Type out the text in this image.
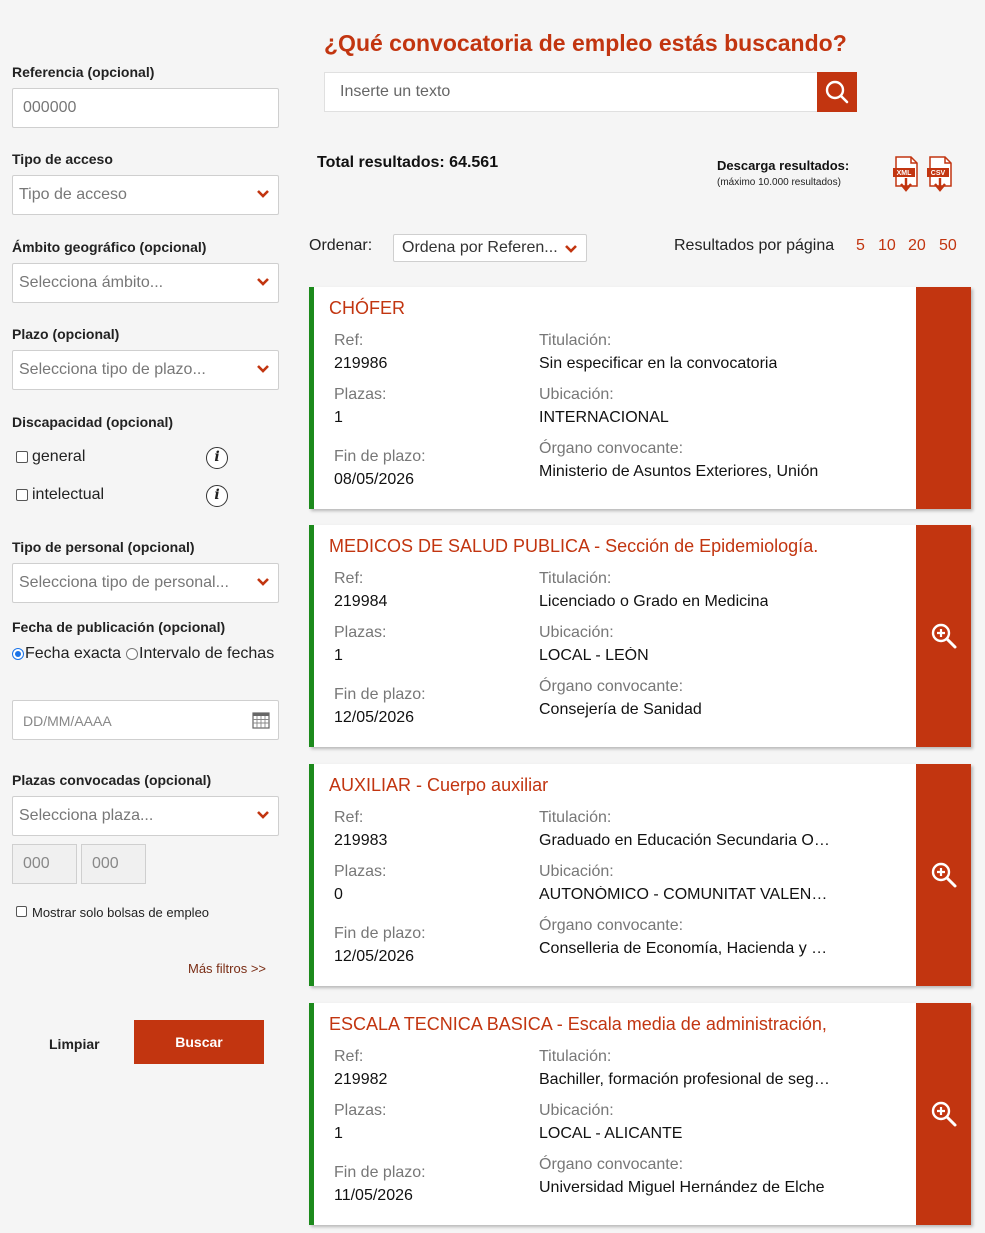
Referencia (opcional)
000000
Tipo de acceso
Tipo de acceso
Ámbito geográfico (opcional)
Selecciona ámbito...
Plazo (opcional)
Selecciona tipo de plazo...
Discapacidad (opcional)
general	i
intelectual	i
Tipo de personal (opcional)
Selecciona tipo de personal...
Fecha de publicación (opcional)
Fecha exacta Intervalo de fechas
DD/MM/AAAA
Plazas convocadas (opcional)
Selecciona plaza...
000	000
Mostrar solo bolsas de empleo
Más filtros >>
Limpiar	Buscar
¿Qué convocatoria de empleo estás buscando?
Inserte un texto
Total resultados: 64.561	Descarga resultados:
(máximo 10.000 resultados)
XML	CSV
Ordenar:	Ordena por Referen...	Resultados por página 5 10 20 50
CHÓFER
Ref:
219986
Plazas:
1
Fin de plazo:
08/05/2026
Titulación:
Sin especificar en la convocatoria
Ubicación:
INTERNACIONAL
Órgano convocante:
Ministerio de Asuntos Exteriores, Unión
MEDICOS DE SALUD PUBLICA - Sección de Epidemiología.
Ref:
219984
Plazas:
1
Fin de plazo:
12/05/2026
Titulación:
Licenciado o Grado en Medicina
Ubicación:
LOCAL - LEÓN
Órgano convocante:
Consejería de Sanidad
AUXILIAR - Cuerpo auxiliar
Ref:
219983
Plazas:
0
Fin de plazo:
12/05/2026
Titulación:
Graduado en Educación Secundaria O…
Ubicación:
AUTONÓMICO - COMUNITAT VALEN…
Órgano convocante:
Conselleria de Economía, Hacienda y …
ESCALA TECNICA BASICA - Escala media de administración,
Ref:
219982
Plazas:
1
Fin de plazo:
11/05/2026
Titulación:
Bachiller, formación profesional de seg…
Ubicación:
LOCAL - ALICANTE
Órgano convocante:
Universidad Miguel Hernández de Elche
